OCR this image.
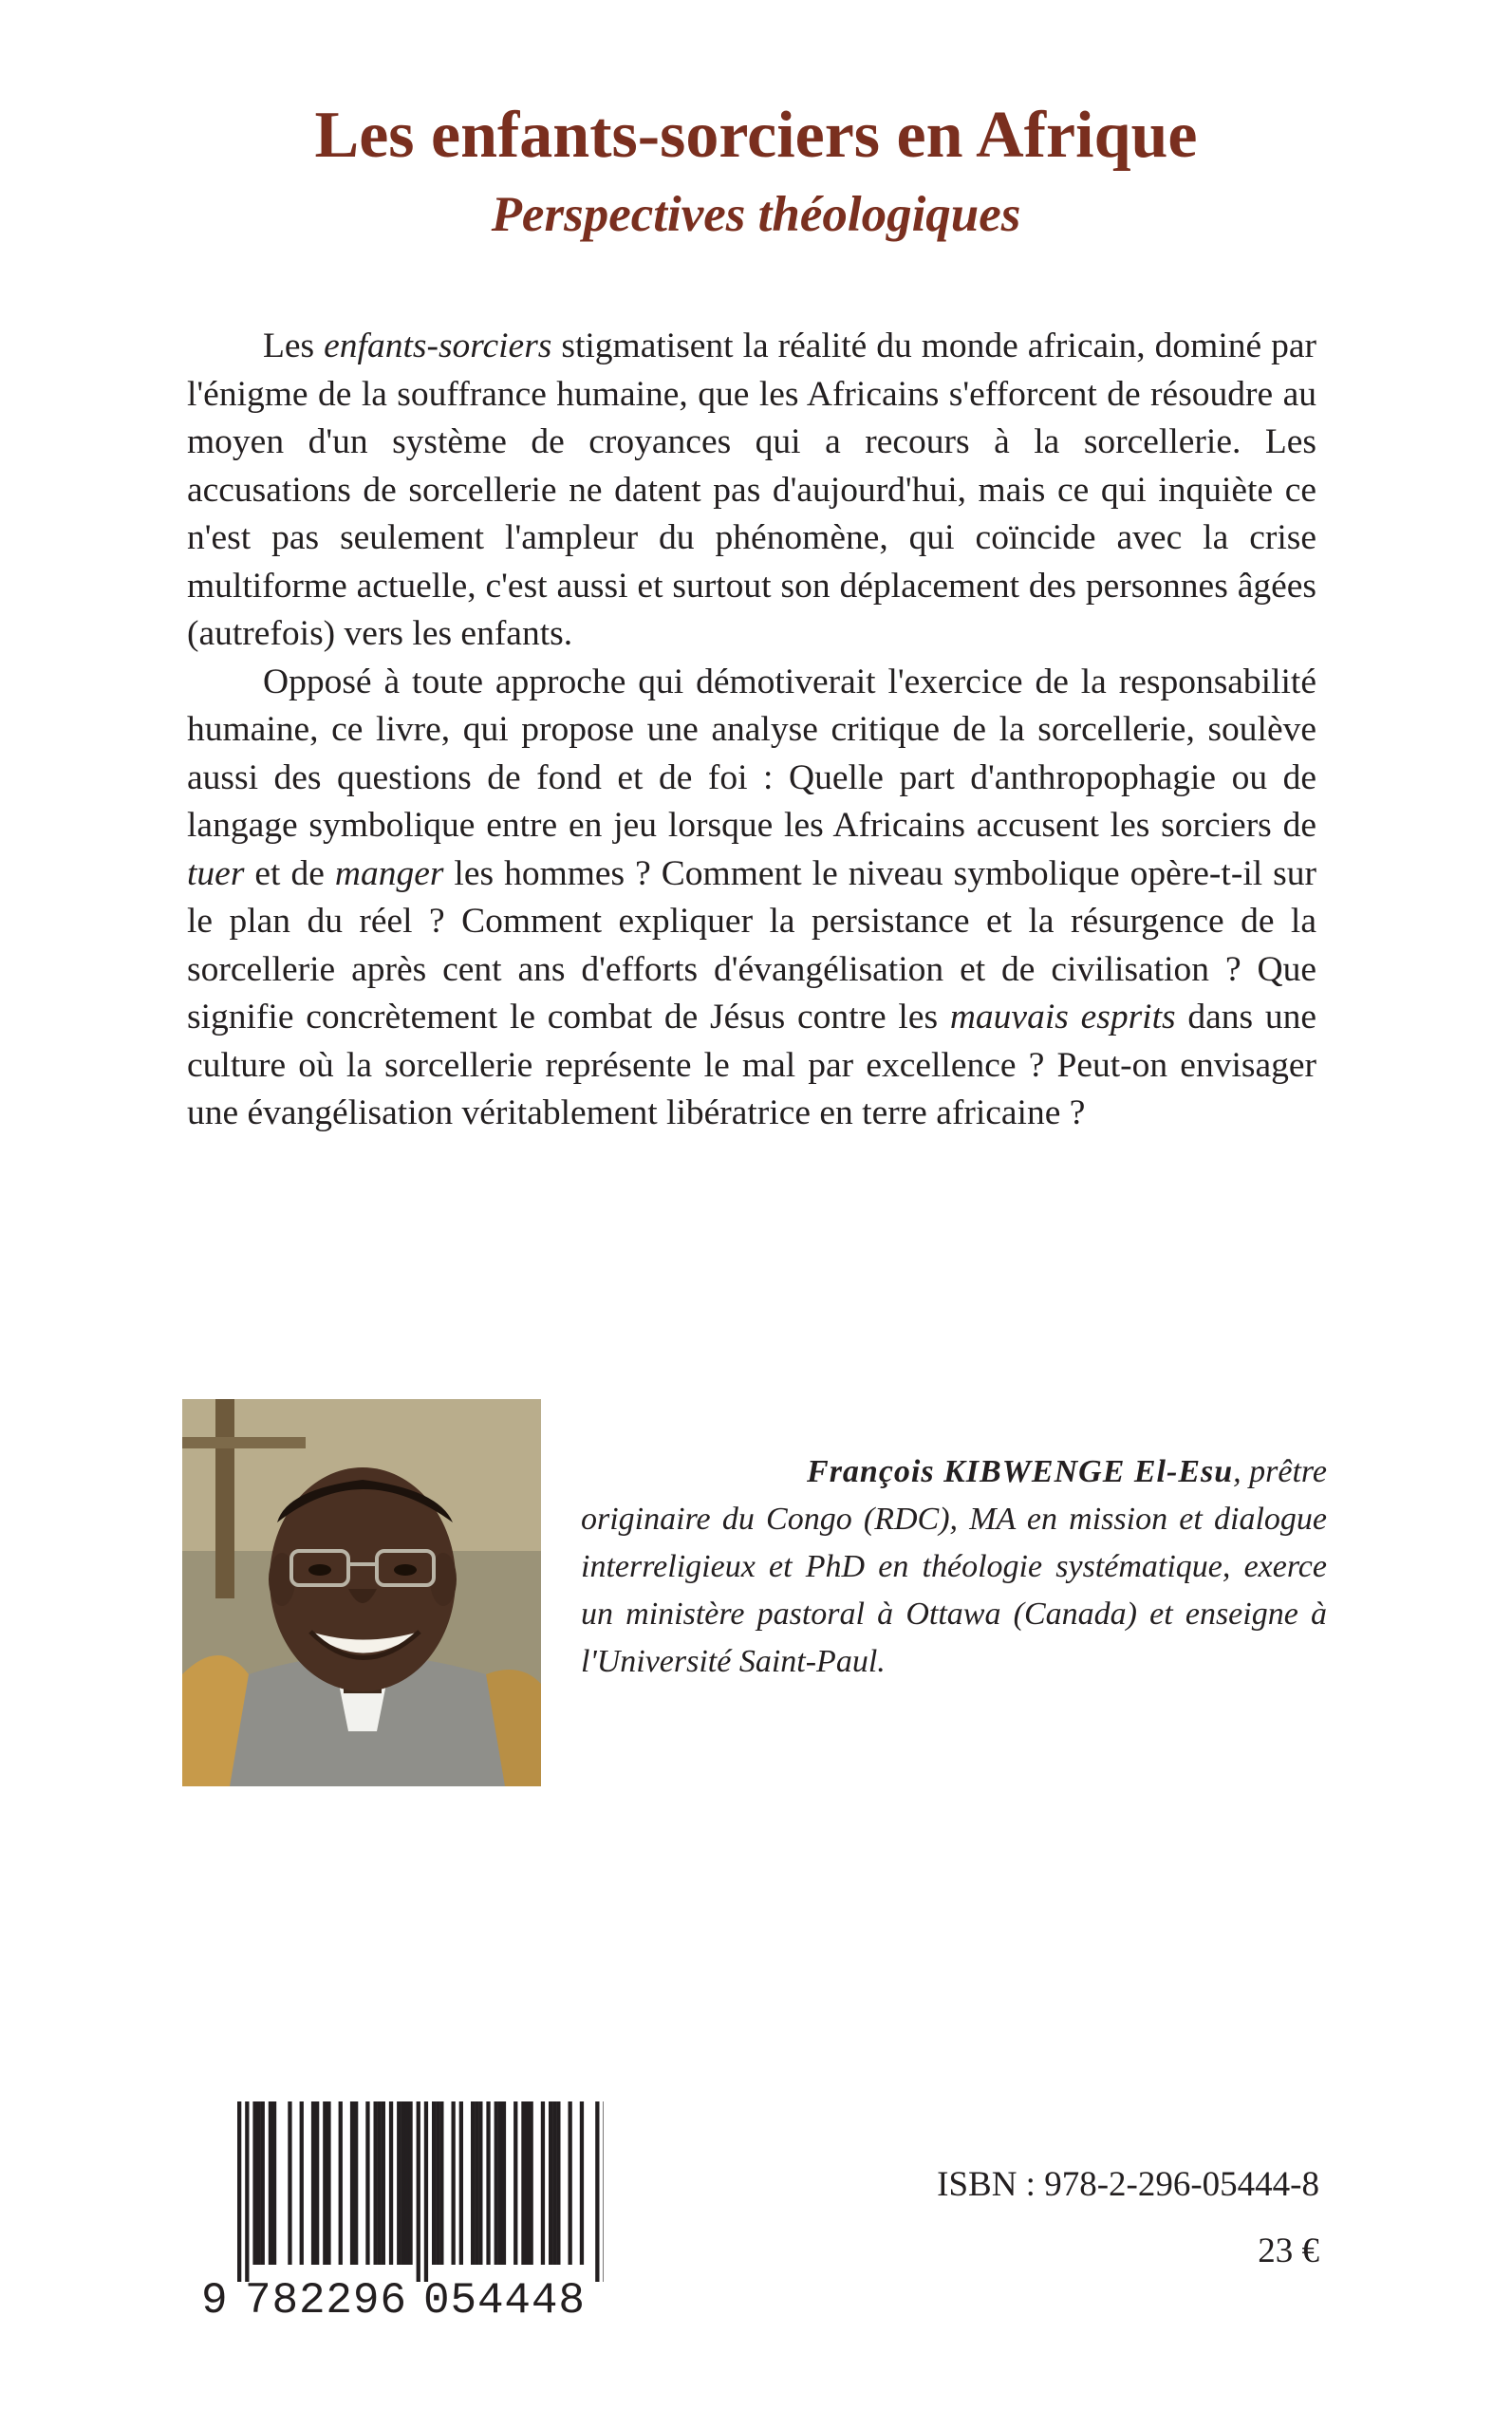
Les enfants-sorciers en Afrique
Perspectives théologiques

Les enfants-sorciers stigmatisent la réalité du monde africain, dominé par l'énigme de la souffrance humaine, que les Africains s'efforcent de résoudre au moyen d'un système de croyances qui a recours à la sorcellerie. Les accusations de sorcellerie ne datent pas d'aujourd'hui, mais ce qui inquiète ce n'est pas seulement l'ampleur du phénomène, qui coïncide avec la crise multiforme actuelle, c'est aussi et surtout son déplacement des personnes âgées (autrefois) vers les enfants.

Opposé à toute approche qui démotiverait l'exercice de la responsabilité humaine, ce livre, qui propose une analyse critique de la sorcellerie, soulève aussi des questions de fond et de foi : Quelle part d'anthropophagie ou de langage symbolique entre en jeu lorsque les Africains accusent les sorciers de tuer et de manger les hommes ? Comment le niveau symbolique opère-t-il sur le plan du réel ? Comment expliquer la persistance et la résurgence de la sorcellerie après cent ans d'efforts d'évangélisation et de civilisation ? Que signifie concrètement le combat de Jésus contre les mauvais esprits dans une culture où la sorcellerie représente le mal par excellence ? Peut-on envisager une évangélisation véritablement libératrice en terre africaine ?

François KIBWENGE El-Esu, prêtre
originaire du Congo (RDC), MA en mission et dialogue interreligieux et PhD en théologie systématique, exerce un ministère pastoral à Ottawa (Canada) et enseigne à l'Université Saint-Paul.

9 782296 054448

ISBN : 978-2-296-05444-8

23 €
